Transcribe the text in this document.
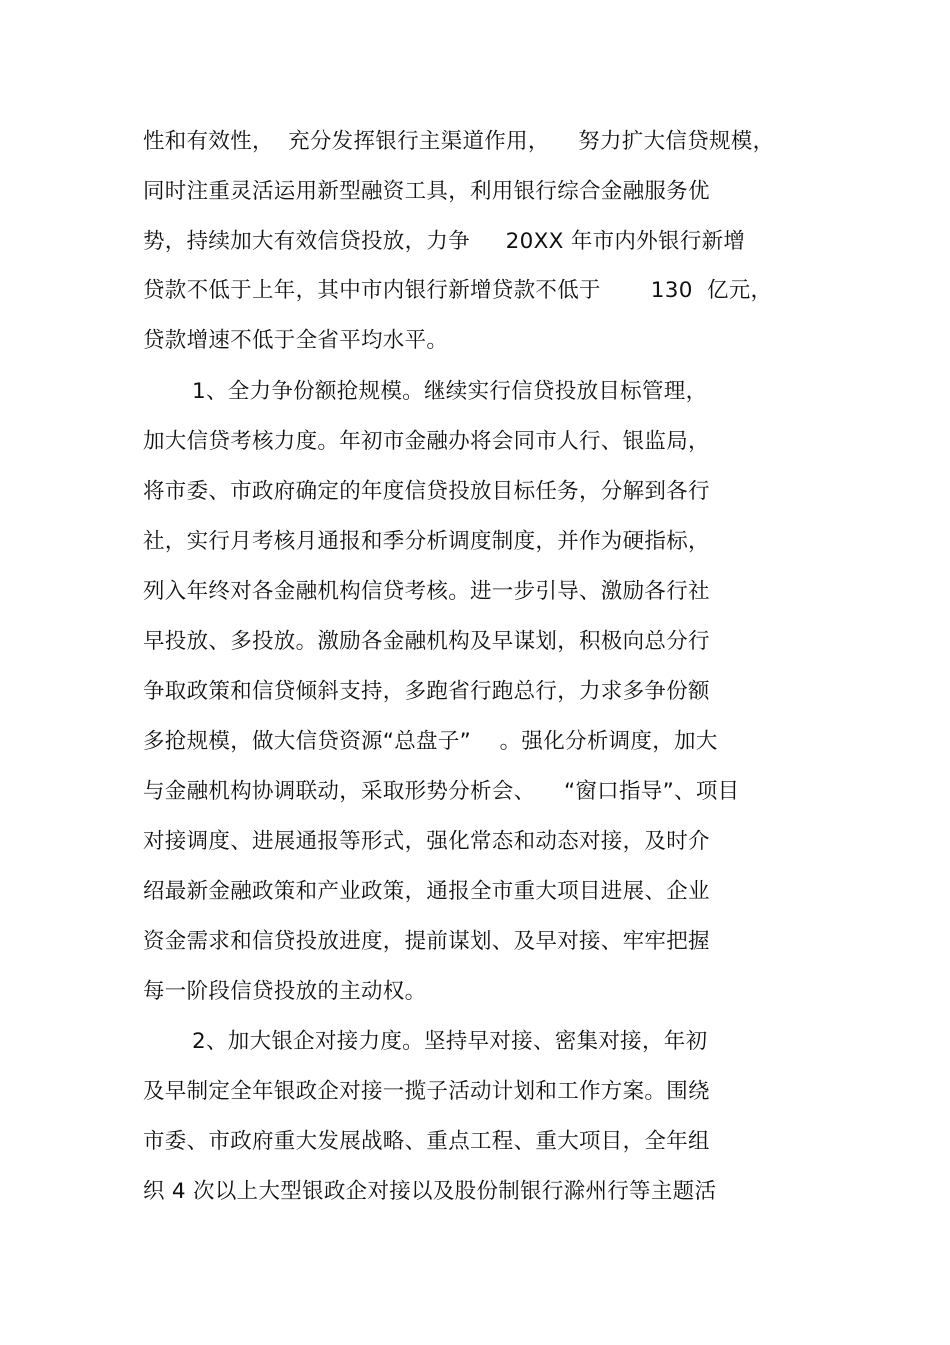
性和有效性，  充分发挥银行主渠道作用，    努力扩大信贷规模，
同时注重灵活运用新型融资工具，利用银行综合金融服务优
势，持续加大有效信贷投放，力争     20XX 年市内外银行新增
贷款不低于上年，其中市内银行新增贷款不低于       130  亿元，
贷款增速不低于全省平均水平。
1、全力争份额抢规模。继续实行信贷投放目标管理，
加大信贷考核力度。年初市金融办将会同市人行、银监局，
将市委、市政府确定的年度信贷投放目标任务，分解到各行
社，实行月考核月通报和季分析调度制度，并作为硬指标，
列入年终对各金融机构信贷考核。进一步引导、激励各行社
早投放、多投放。激励各金融机构及早谋划，积极向总分行
争取政策和信贷倾斜支持，多跑省行跑总行，力求多争份额
多抢规模，做大信贷资源“总盘子”    。强化分析调度，加大
与金融机构协调联动，采取形势分析会、    “窗口指导”、项目
对接调度、进展通报等形式，强化常态和动态对接，及时介
绍最新金融政策和产业政策，通报全市重大项目进展、企业
资金需求和信贷投放进度，提前谋划、及早对接、牢牢把握
每一阶段信贷投放的主动权。
2、加大银企对接力度。坚持早对接、密集对接，年初
及早制定全年银政企对接一揽子活动计划和工作方案。围绕
市委、市政府重大发展战略、重点工程、重大项目，全年组
织 4 次以上大型银政企对接以及股份制银行滁州行等主题活
